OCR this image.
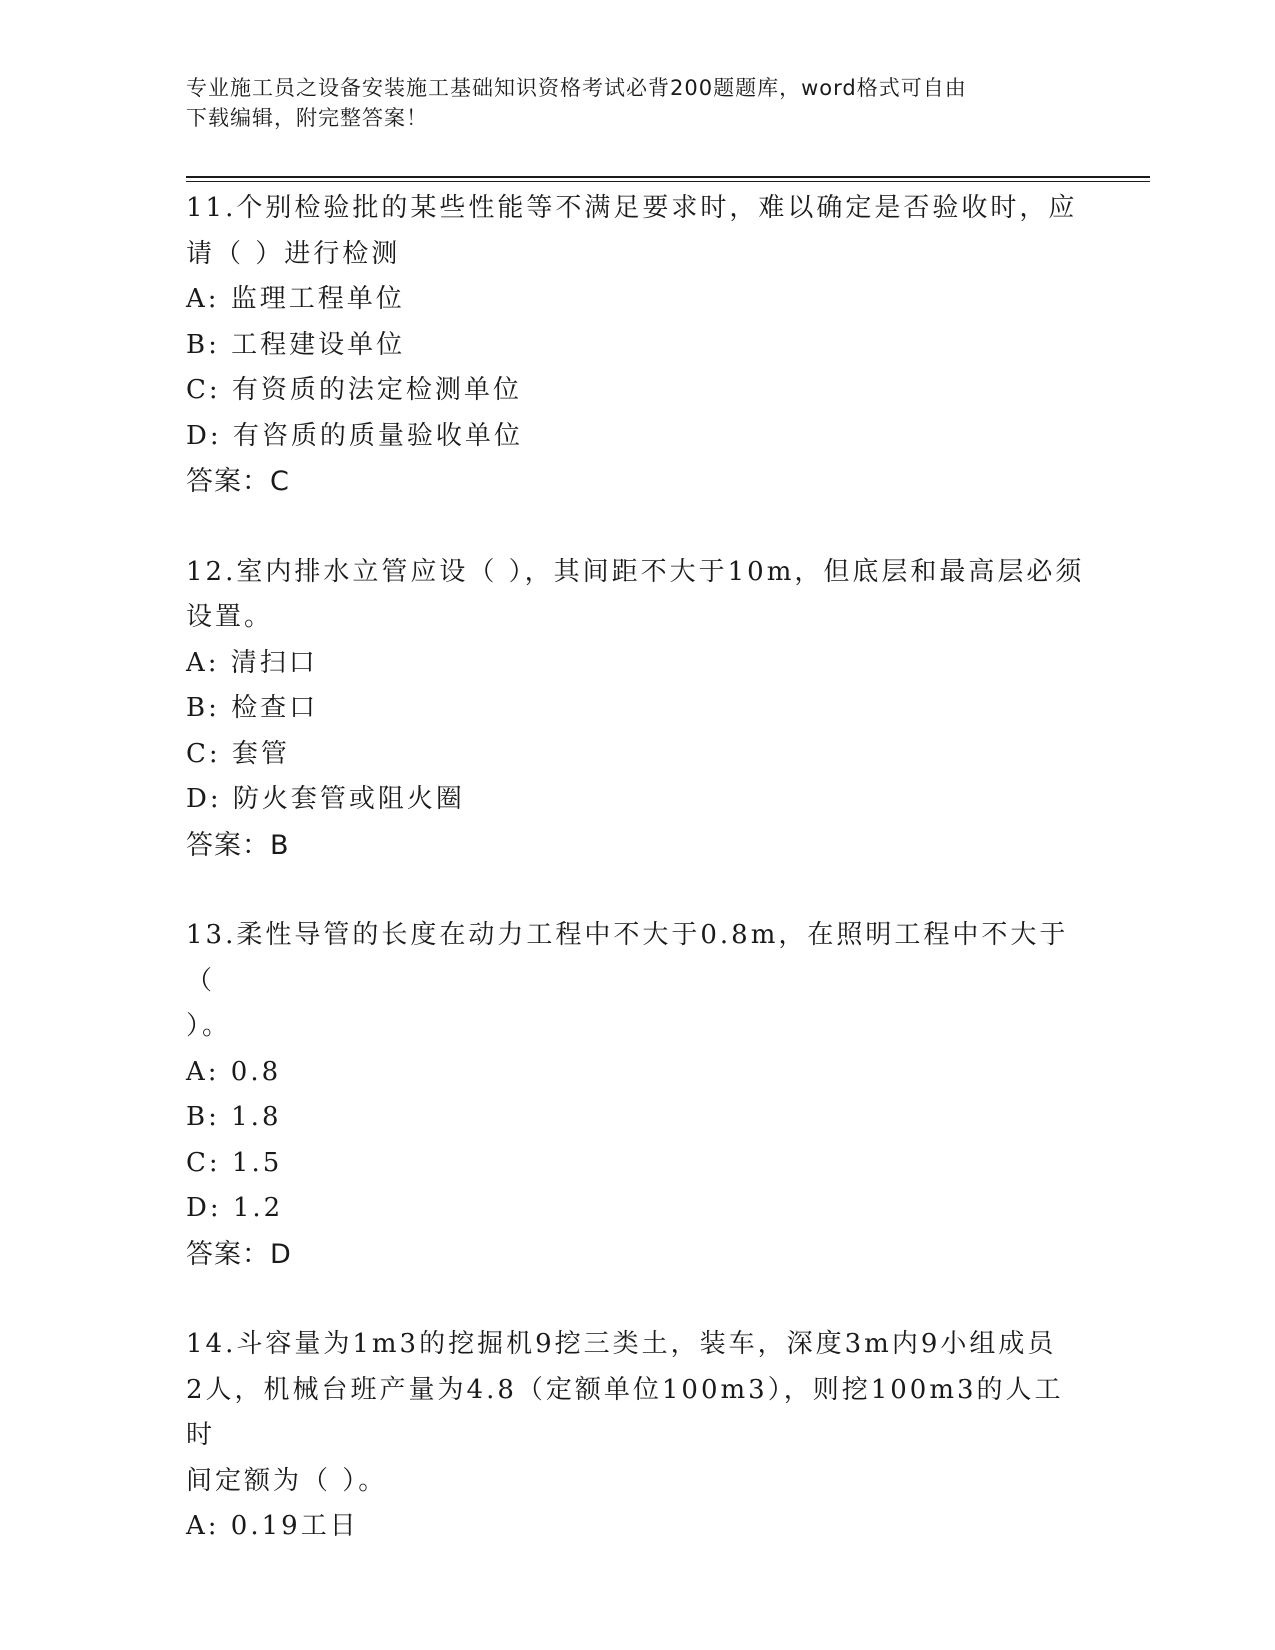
专业施工员之设备安装施工基础知识资格考试必背200题题库，word格式可自由
下载编辑，附完整答案！

11.个别检验批的某些性能等不满足要求时，难以确定是否验收时，应

请（ ）进行检测

A: 监理工程单位

B: 工程建设单位

C: 有资质的法定检测单位

D: 有咨质的质量验收单位

答案：C

12.室内排水立管应设（ ），其间距不大于10m，但底层和最高层必须

设置。

A: 清扫口

B: 检查口

C: 套管

D: 防火套管或阻火圈

答案：B

13.柔性导管的长度在动力工程中不大于0.8m，在照明工程中不大于（

）。

A: 0.8

B: 1.8

C: 1.5

D: 1.2

答案：D

14.斗容量为1m3的挖掘机9挖三类土，装车，深度3m内9小组成员

2人，机械台班产量为4.8（定额单位100m3），则挖100m3的人工时

间定额为（ ）。

A: 0.19工日
